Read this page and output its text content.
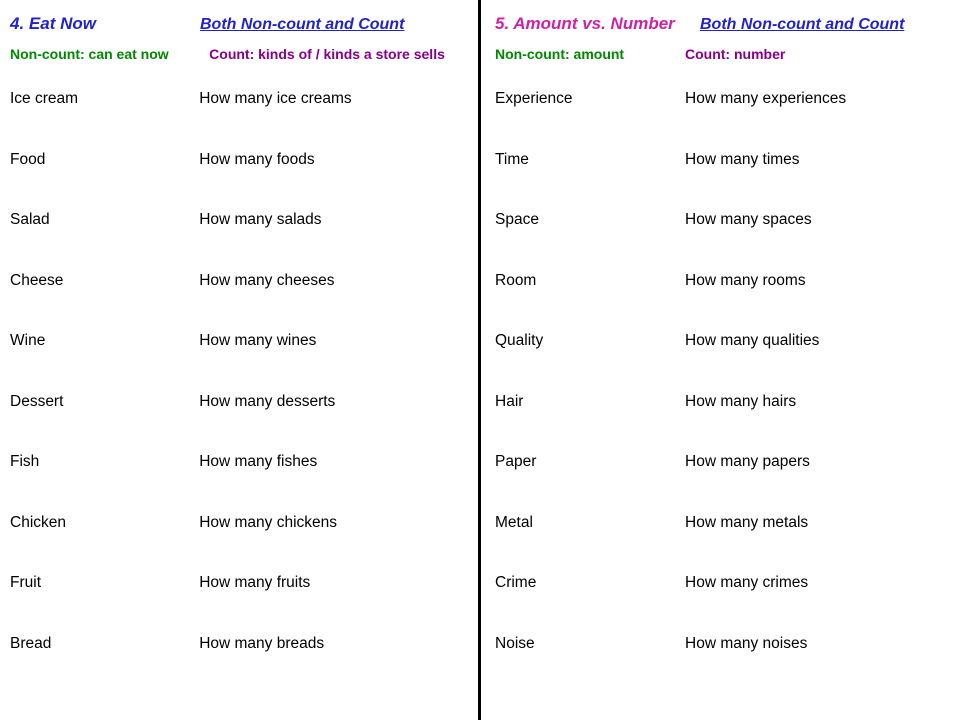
4. Eat Now	Both Non-count and Count
Non-count: can eat now	Count: kinds of / kinds a store sells
Ice cream	How many ice creams
Food	How many foods
Salad	How many salads
Cheese	How many cheeses
Wine	How many wines
Dessert	How many desserts
Fish	How many fishes
Chicken	How many chickens
Fruit	How many fruits
Bread	How many breads
5. Amount vs. Number	Both Non-count and Count
Non-count: amount	Count: number
Experience	How many experiences
Time	How many times
Space	How many spaces
Room	How many rooms
Quality	How many qualities
Hair	How many hairs
Paper	How many papers
Metal	How many metals
Crime	How many crimes
Noise	How many noises
